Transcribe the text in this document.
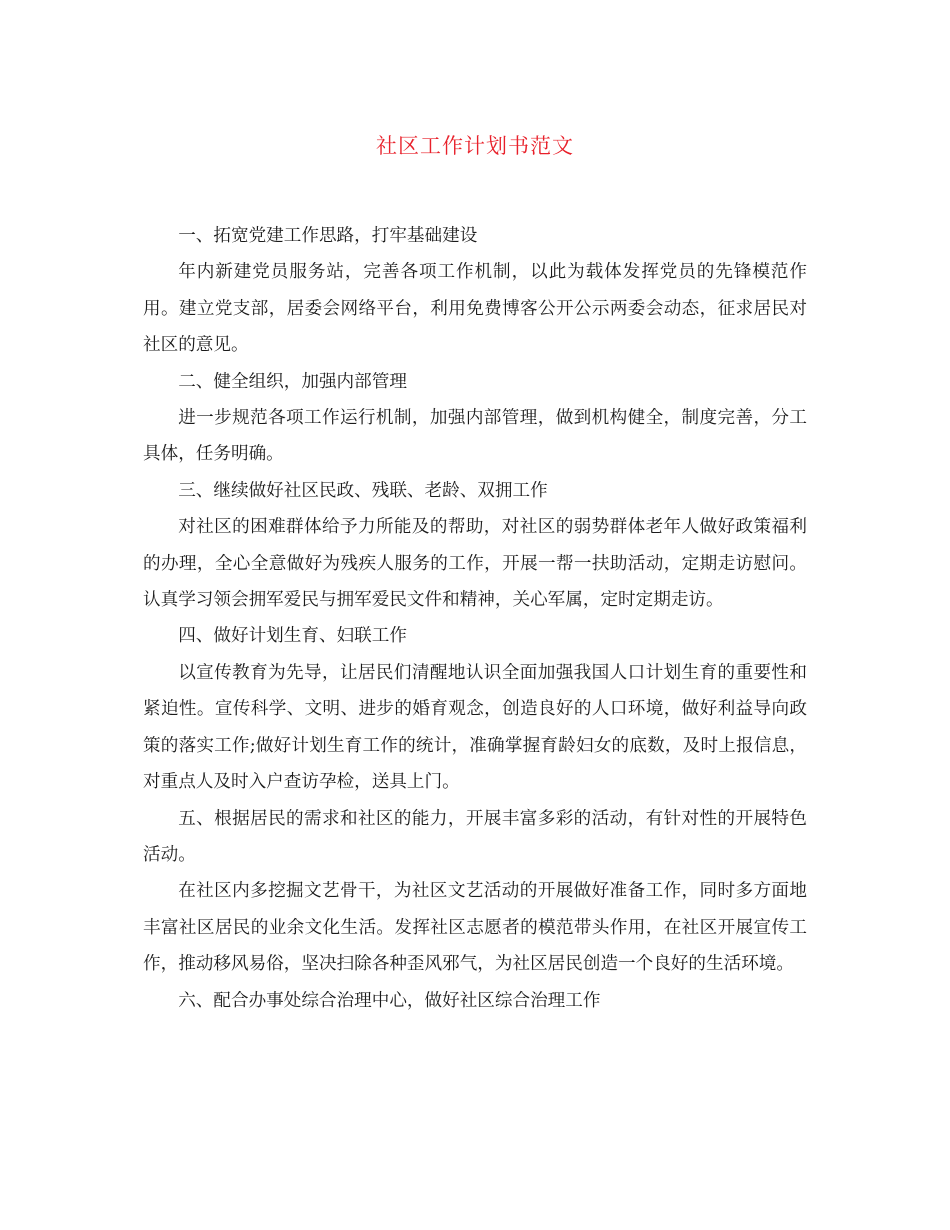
社区工作计划书范文

一、拓宽党建工作思路，打牢基础建设

年内新建党员服务站，完善各项工作机制，以此为载体发挥党员的先锋模范作用。建立党支部，居委会网络平台，利用免费博客公开公示两委会动态，征求居民对社区的意见。

二、健全组织，加强内部管理

进一步规范各项工作运行机制，加强内部管理，做到机构健全，制度完善，分工具体，任务明确。

三、继续做好社区民政、残联、老龄、双拥工作

对社区的困难群体给予力所能及的帮助，对社区的弱势群体老年人做好政策福利的办理，全心全意做好为残疾人服务的工作，开展一帮一扶助活动，定期走访慰问。认真学习领会拥军爱民与拥军爱民文件和精神，关心军属，定时定期走访。

四、做好计划生育、妇联工作

以宣传教育为先导，让居民们清醒地认识全面加强我国人口计划生育的重要性和紧迫性。宣传科学、文明、进步的婚育观念，创造良好的人口环境，做好利益导向政策的落实工作;做好计划生育工作的统计，准确掌握育龄妇女的底数，及时上报信息，对重点人及时入户查访孕检，送具上门。

五、根据居民的需求和社区的能力，开展丰富多彩的活动，有针对性的开展特色活动。

在社区内多挖掘文艺骨干，为社区文艺活动的开展做好准备工作，同时多方面地丰富社区居民的业余文化生活。发挥社区志愿者的模范带头作用，在社区开展宣传工作，推动移风易俗，坚决扫除各种歪风邪气，为社区居民创造一个良好的生活环境。

六、配合办事处综合治理中心，做好社区综合治理工作
